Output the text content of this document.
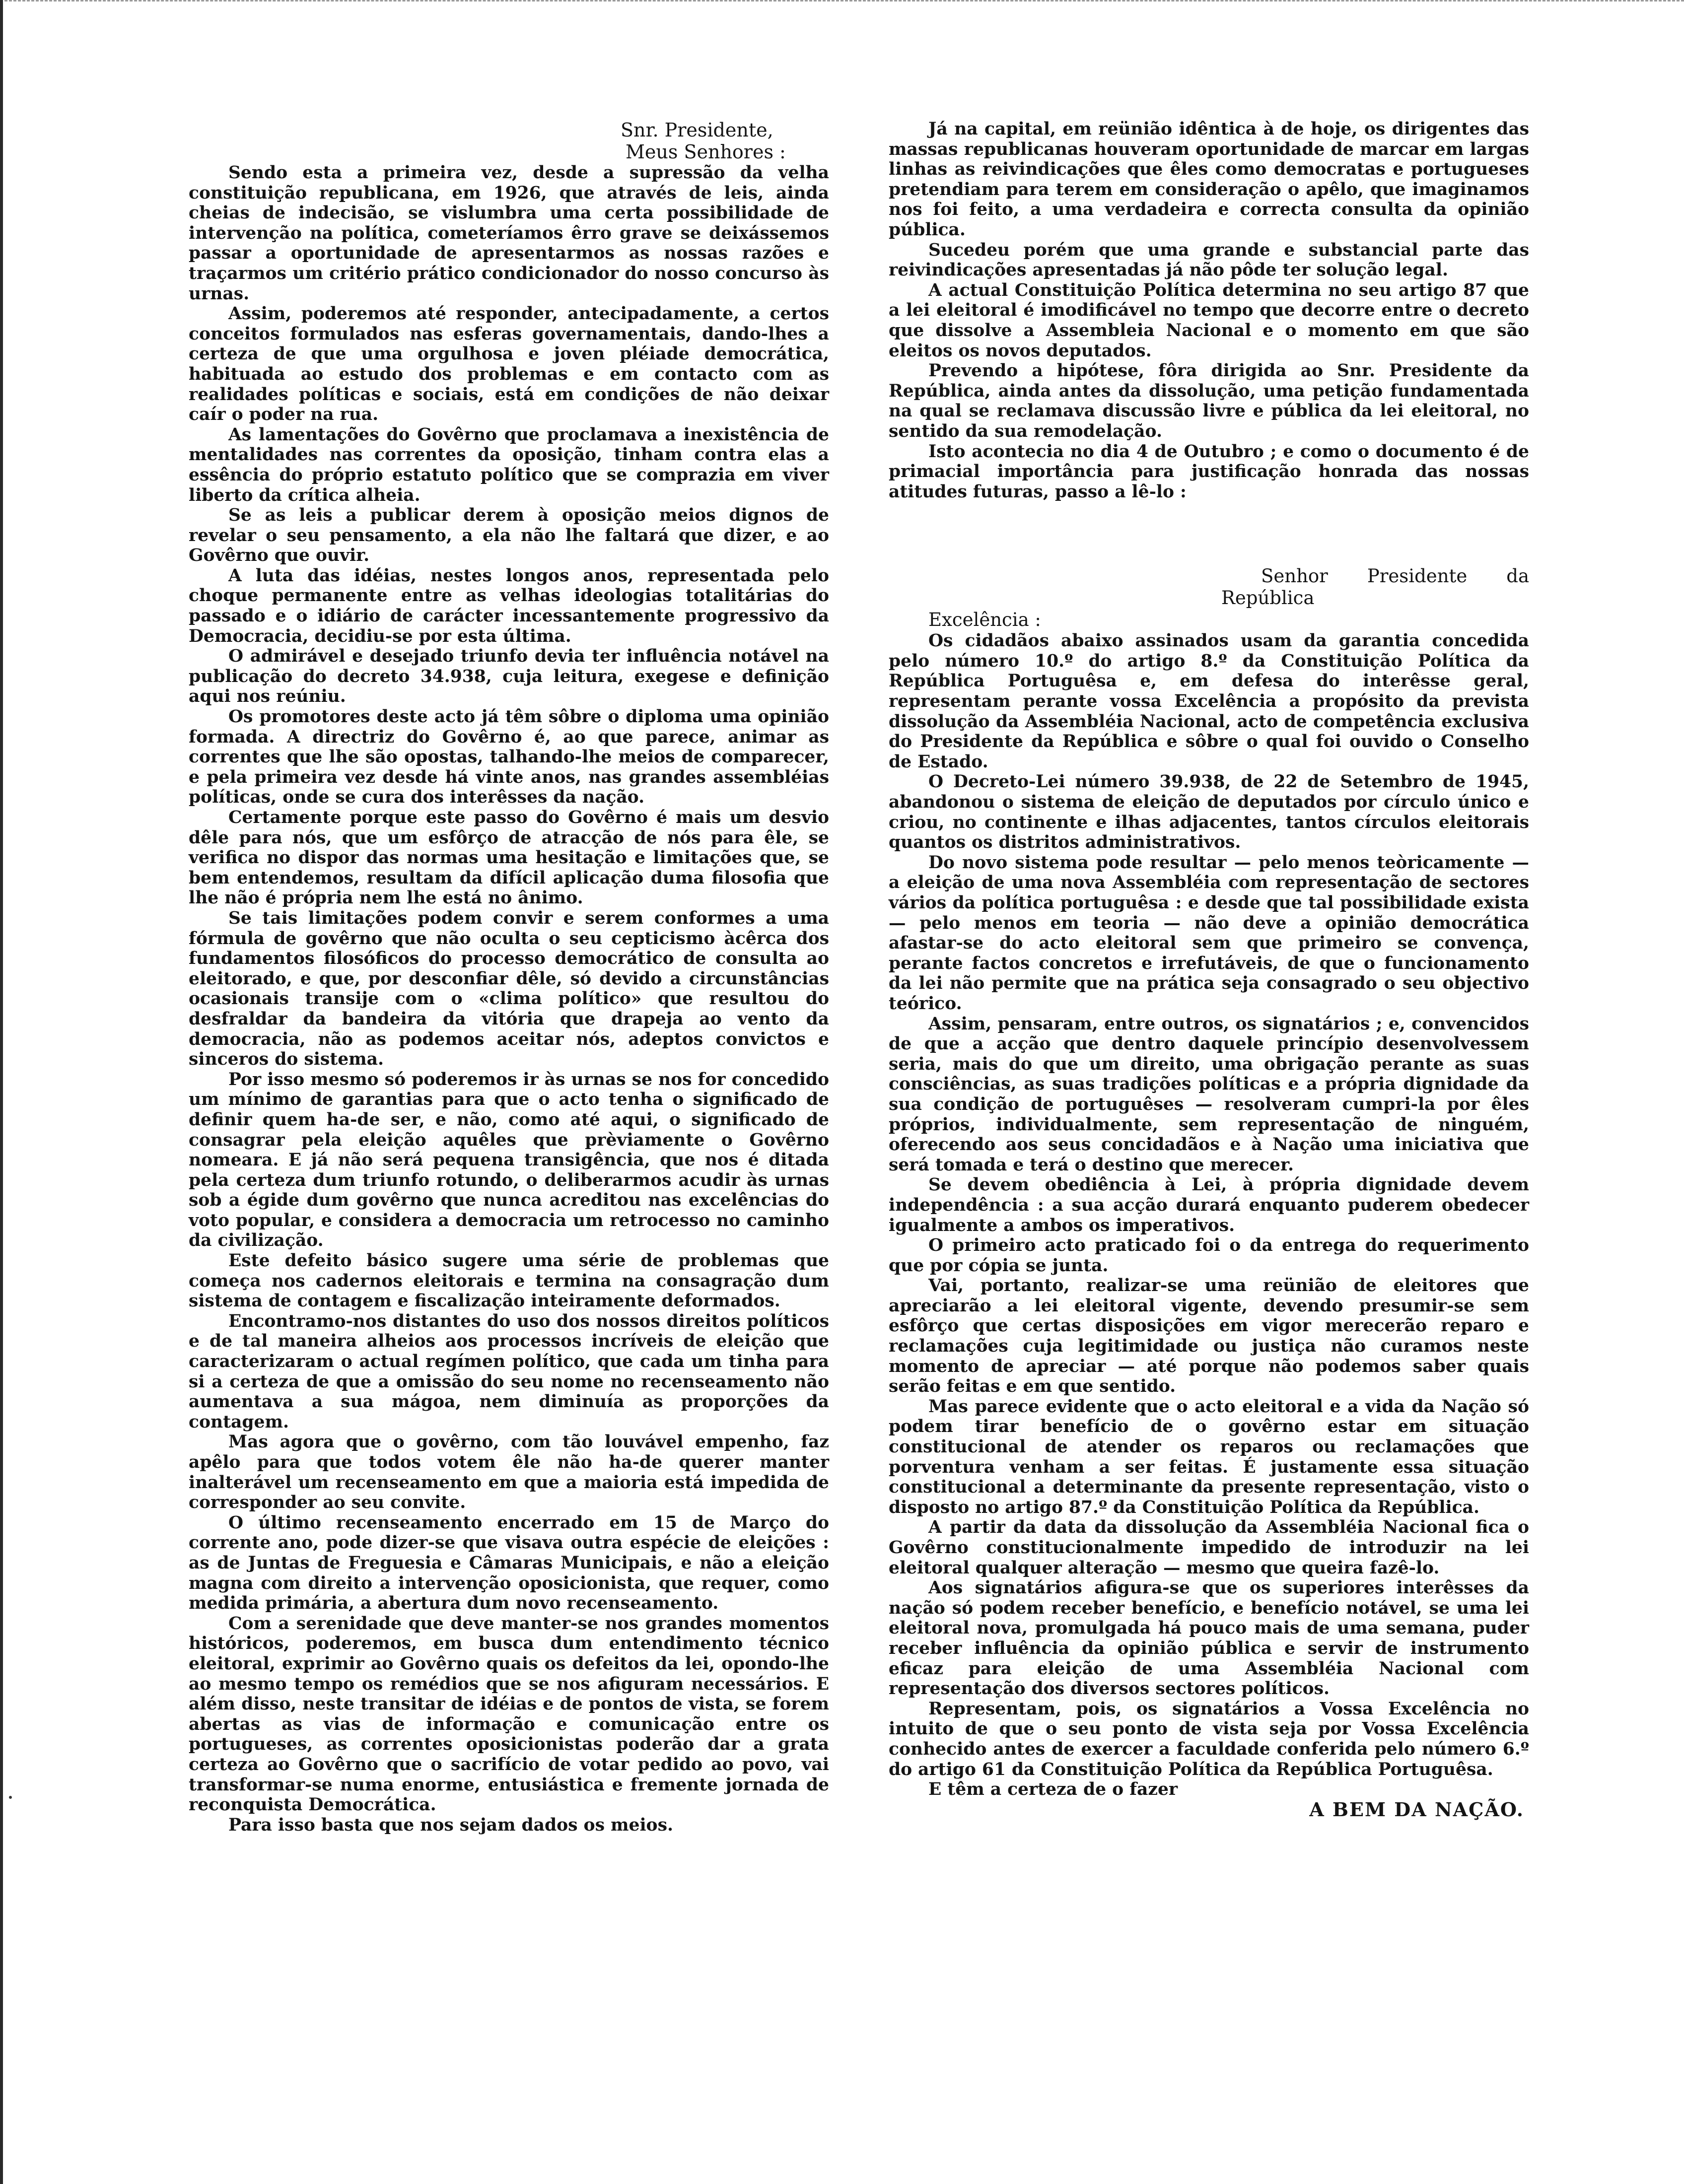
Snr. Presidente,

Meus Senhores :

Sendo esta a primeira vez, desde a supressão da velha constituição republicana, em 1926, que através de leis, ainda cheias de indecisão, se vislumbra uma certa possibilidade de intervenção na política, cometeríamos êrro grave se deixássemos passar a oportunidade de apresentarmos as nossas razões e traçarmos um critério prático condicionador do nosso concurso às urnas.

Assim, poderemos até responder, antecipadamente, a certos conceitos formulados nas esferas governamentais, dando-lhes a certeza de que uma orgulhosa e joven pléiade democrática, habituada ao estudo dos problemas e em contacto com as realidades políticas e sociais, está em condições de não deixar caír o poder na rua.

As lamentações do Govêrno que proclamava a inexistência de mentalidades nas correntes da oposição, tinham contra elas a essência do próprio estatuto político que se comprazia em viver liberto da crítica alheia.

Se as leis a publicar derem à oposição meios dignos de revelar o seu pensamento, a ela não lhe faltará que dizer, e ao Govêrno que ouvir.

A luta das idéias, nestes longos anos, representada pelo choque permanente entre as velhas ideologias totalitárias do passado e o idiário de carácter incessantemente progressivo da Democracia, decidiu-se por esta última.

O admirável e desejado triunfo devia ter influência notável na publicação do decreto 34.938, cuja leitura, exegese e definição aqui nos reúniu.

Os promotores deste acto já têm sôbre o diploma uma opinião formada. A directriz do Govêrno é, ao que parece, animar as correntes que lhe são opostas, talhando-lhe meios de comparecer, e pela primeira vez desde há vinte anos, nas grandes assembléias políticas, onde se cura dos interêsses da nação.

Certamente porque este passo do Govêrno é mais um desvio dêle para nós, que um esfôrço de atracção de nós para êle, se verifica no dispor das normas uma hesitação e limitações que, se bem entendemos, resultam da difícil aplicação duma filosofia que lhe não é própria nem lhe está no ânimo.

Se tais limitações podem convir e serem conformes a uma fórmula de govêrno que não oculta o seu cepticismo àcêrca dos fundamentos filosóficos do processo democrático de consulta ao eleitorado, e que, por desconfiar dêle, só devido a circunstâncias ocasionais transije com o «clima político» que resultou do desfraldar da bandeira da vitória que drapeja ao vento da democracia, não as podemos aceitar nós, adeptos convictos e sinceros do sistema.

Por isso mesmo só poderemos ir às urnas se nos for concedido um mínimo de garantias para que o acto tenha o significado de definir quem ha-de ser, e não, como até aqui, o significado de consagrar pela eleição aquêles que prèviamente o Govêrno nomeara. E já não será pequena transigência, que nos é ditada pela certeza dum triunfo rotundo, o deliberarmos acudir às urnas sob a égide dum govêrno que nunca acreditou nas excelências do voto popular, e considera a democracia um retrocesso no caminho da civilização.

Este defeito básico sugere uma série de problemas que começa nos cadernos eleitorais e termina na consagração dum sistema de contagem e fiscalização inteiramente deformados.

Encontramo-nos distantes do uso dos nossos direitos políticos e de tal maneira alheios aos processos incríveis de eleição que caracterizaram o actual regímen político, que cada um tinha para si a certeza de que a omissão do seu nome no recenseamento não aumentava a sua mágoa, nem diminuía as proporções da contagem.

Mas agora que o govêrno, com tão louvável empenho, faz apêlo para que todos votem êle não ha-de querer manter inalterável um recenseamento em que a maioria está impedida de corresponder ao seu convite.

O último recenseamento encerrado em 15 de Março do corrente ano, pode dizer-se que visava outra espécie de eleições : as de Juntas de Freguesia e Câmaras Municipais, e não a eleição magna com direito a intervenção oposicionista, que requer, como medida primária, a abertura dum novo recenseamento.

Com a serenidade que deve manter-se nos grandes momentos históricos, poderemos, em busca dum entendimento técnico eleitoral, exprimir ao Govêrno quais os defeitos da lei, opondo-lhe ao mesmo tempo os remédios que se nos afiguram necessários. E além disso, neste transitar de idéias e de pontos de vista, se forem abertas as vias de informação e comunicação entre os portugueses, as correntes oposicionistas poderão dar a grata certeza ao Govêrno que o sacrifício de votar pedido ao povo, vai transformar-se numa enorme, entusiástica e fremente jornada de reconquista Democrática.

Para isso basta que nos sejam dados os meios.

Já na capital, em reünião idêntica à de hoje, os dirigentes das massas republicanas houveram oportunidade de marcar em largas linhas as reivindicações que êles como democratas e portugueses pretendiam para terem em consideração o apêlo, que imaginamos nos foi feito, a uma verdadeira e correcta consulta da opinião pública.

Sucedeu porém que uma grande e substancial parte das reivindicações apresentadas já não pôde ter solução legal.

A actual Constituição Política determina no seu artigo 87 que a lei eleitoral é imodificável no tempo que decorre entre o decreto que dissolve a Assembleia Nacional e o momento em que são eleitos os novos deputados.

Prevendo a hipótese, fôra dirigida ao Snr. Presidente da República, ainda antes da dissolução, uma petição fundamentada na qual se reclamava discussão livre e pública da lei eleitoral, no sentido da sua remodelação.

Isto acontecia no dia 4 de Outubro ; e como o documento é de primacial importância para justificação honrada das nossas atitudes futuras, passo a lê-lo :

Senhor Presidente da República

Excelência :

Os cidadãos abaixo assinados usam da garantia concedida pelo número 10.º do artigo 8.º da Constituição Política da República Portuguêsa e, em defesa do interêsse geral, representam perante vossa Excelência a propósito da prevista dissolução da Assembléia Nacional, acto de competência exclusiva do Presidente da República e sôbre o qual foi ouvido o Conselho de Estado.

O Decreto-Lei número 39.938, de 22 de Setembro de 1945, abandonou o sistema de eleição de deputados por círculo único e criou, no continente e ilhas adjacentes, tantos círculos eleitorais quantos os distritos administrativos.

Do novo sistema pode resultar — pelo menos teòricamente — a eleição de uma nova Assembléia com representação de sectores vários da política portuguêsa : e desde que tal possibilidade exista — pelo menos em teoria — não deve a opinião democrática afastar-se do acto eleitoral sem que primeiro se convença, perante factos concretos e irrefutáveis, de que o funcionamento da lei não permite que na prática seja consagrado o seu objectivo teórico.

Assim, pensaram, entre outros, os signatários ; e, convencidos de que a acção que dentro daquele princípio desenvolvessem seria, mais do que um direito, uma obrigação perante as suas consciências, as suas tradições políticas e a própria dignidade da sua condição de portuguêses — resolveram cumpri-la por êles próprios, individualmente, sem representação de ninguém, oferecendo aos seus concidadãos e à Nação uma iniciativa que será tomada e terá o destino que merecer.

Se devem obediência à Lei, à própria dignidade devem independência : a sua acção durará enquanto puderem obedecer igualmente a ambos os imperativos.

O primeiro acto praticado foi o da entrega do requerimento que por cópia se junta.

Vai, portanto, realizar-se uma reünião de eleitores que apreciarão a lei eleitoral vigente, devendo presumir-se sem esfôrço que certas disposições em vigor merecerão reparo e reclamações cuja legitimidade ou justiça não curamos neste momento de apreciar — até porque não podemos saber quais serão feitas e em que sentido.

Mas parece evidente que o acto eleitoral e a vida da Nação só podem tirar benefício de o govêrno estar em situação constitucional de atender os reparos ou reclamações que porventura venham a ser feitas. É justamente essa situação constitucional a determinante da presente representação, visto o disposto no artigo 87.º da Constituição Política da República.

A partir da data da dissolução da Assembléia Nacional fica o Govêrno constitucionalmente impedido de introduzir na lei eleitoral qualquer alteração — mesmo que queira fazê-lo.

Aos signatários afigura-se que os superiores interêsses da nação só podem receber benefício, e benefício notável, se uma lei eleitoral nova, promulgada há pouco mais de uma semana, puder receber influência da opinião pública e servir de instrumento eficaz para eleição de uma Assembléia Nacional com representação dos diversos sectores políticos.

Representam, pois, os signatários a Vossa Excelência no intuito de que o seu ponto de vista seja por Vossa Excelência conhecido antes de exercer a faculdade conferida pelo número 6.º do artigo 61 da Constituição Política da República Portuguêsa.

E têm a certeza de o fazer

A BEM DA NAÇÃO.
